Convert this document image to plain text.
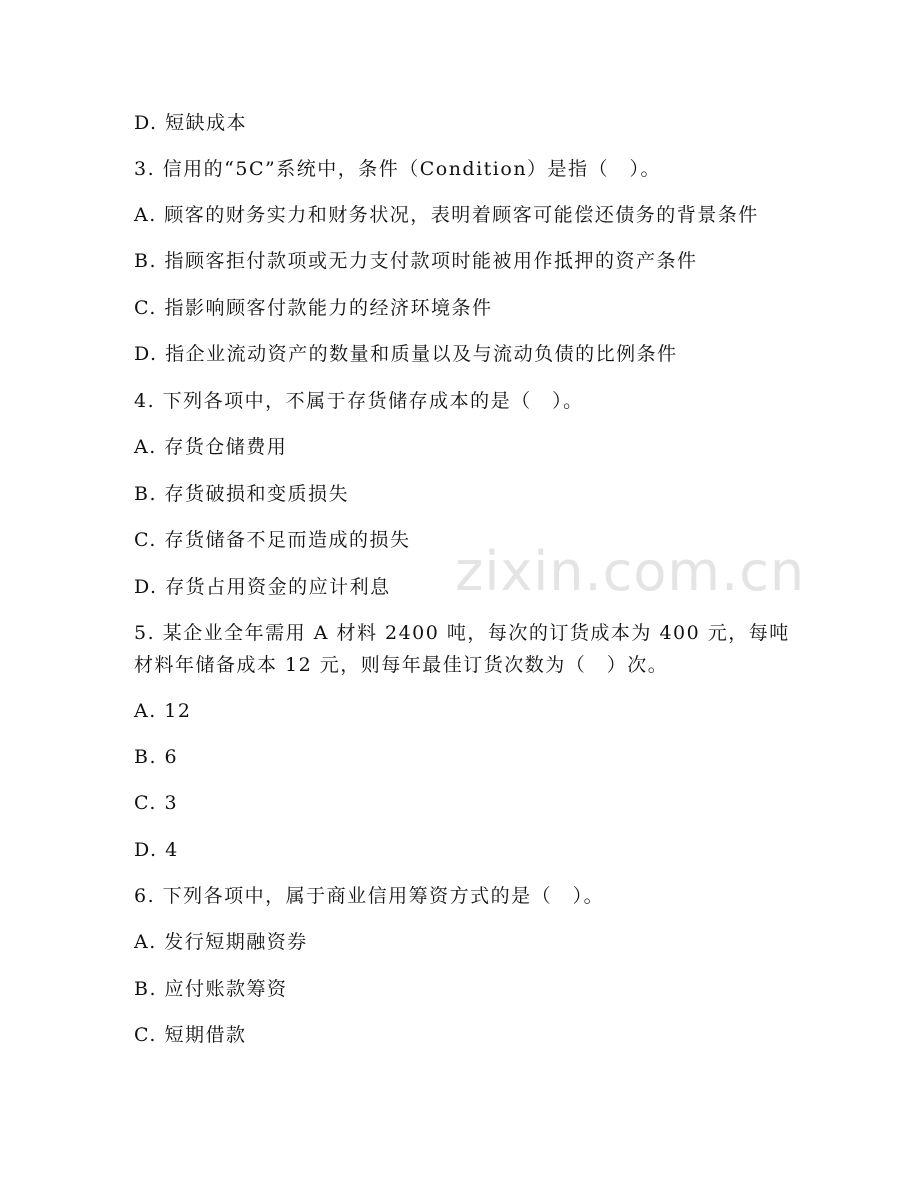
zixin.com.cn
D. 短缺成本
3. 信用的“5C”系统中，条件（Condition）是指（　）。
A. 顾客的财务实力和财务状况，表明着顾客可能偿还债务的背景条件
B. 指顾客拒付款项或无力支付款项时能被用作抵押的资产条件
C. 指影响顾客付款能力的经济环境条件
D. 指企业流动资产的数量和质量以及与流动负债的比例条件
4. 下列各项中，不属于存货储存成本的是（　）。
A. 存货仓储费用
B. 存货破损和变质损失
C. 存货储备不足而造成的损失
D. 存货占用资金的应计利息
5. 某企业全年需用 A 材料 2400 吨，每次的订货成本为 400 元，每吨
材料年储备成本 12 元，则每年最佳订货次数为（　）次。
A. 12
B. 6
C. 3
D. 4
6. 下列各项中，属于商业信用筹资方式的是（　）。
A. 发行短期融资券
B. 应付账款筹资
C. 短期借款
